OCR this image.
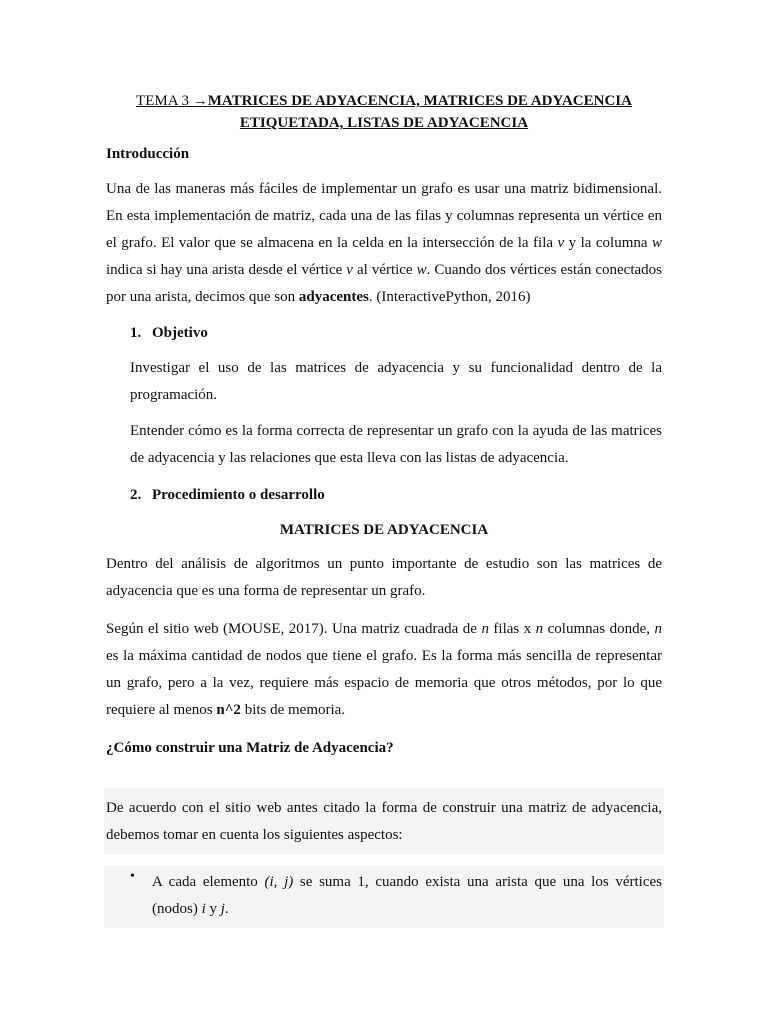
TEMA 3 →MATRICES DE ADYACENCIA, MATRICES DE ADYACENCIA
ETIQUETADA, LISTAS DE ADYACENCIA
Introducción
Una de las maneras más fáciles de implementar un grafo es usar una matriz bidimensional. En esta implementación de matriz, cada una de las filas y columnas representa un vértice en el grafo. El valor que se almacena en la celda en la intersección de la fila v y la columna w indica si hay una arista desde el vértice v al vértice w. Cuando dos vértices están conectados por una arista, decimos que son adyacentes. (InteractivePython, 2016)
1. Objetivo
Investigar el uso de las matrices de adyacencia y su funcionalidad dentro de la programación.
Entender cómo es la forma correcta de representar un grafo con la ayuda de las matrices de adyacencia y las relaciones que esta lleva con las listas de adyacencia.
2. Procedimiento o desarrollo
MATRICES DE ADYACENCIA
Dentro del análisis de algoritmos un punto importante de estudio son las matrices de adyacencia que es una forma de representar un grafo.
Según el sitio web (MOUSE, 2017). Una matriz cuadrada de n filas x n columnas donde, n es la máxima cantidad de nodos que tiene el grafo. Es la forma más sencilla de representar un grafo, pero a la vez, requiere más espacio de memoria que otros métodos, por lo que requiere al menos n^2 bits de memoria.
¿Cómo construir una Matriz de Adyacencia?
De acuerdo con el sitio web antes citado la forma de construir una matriz de adyacencia, debemos tomar en cuenta los siguientes aspectos:
• A cada elemento (i, j) se suma 1, cuando exista una arista que una los vértices (nodos) i y j.
